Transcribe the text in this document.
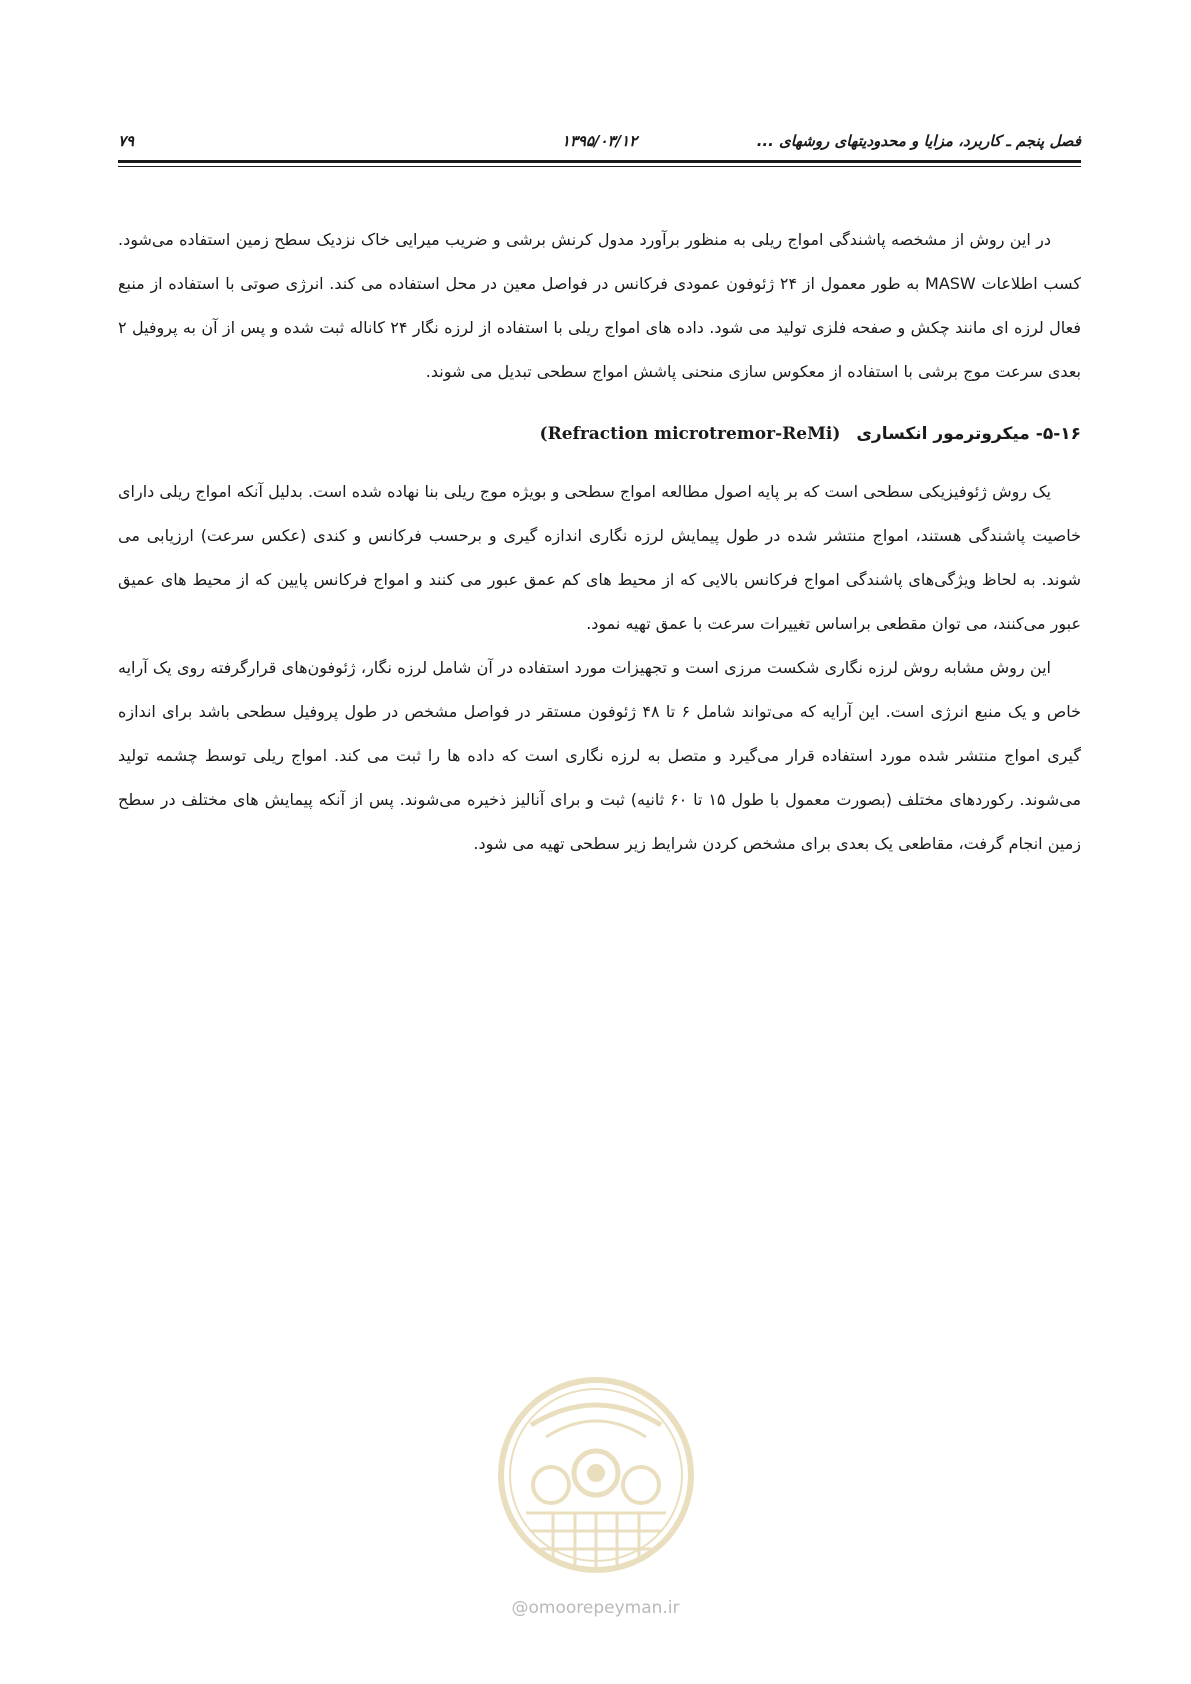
فصل پنجم ـ کاربرد، مزایا و محدودیتهای روشهای ...
۱۳۹۵/۰۳/۱۲
۷۹

در این روش از مشخصه پاشندگی امواج ریلی به منظور برآورد مدول کرنش برشی و ضریب میرایی خاک نزدیک سطح زمین استفاده می‌شود. کسب اطلاعات MASW به طور معمول از ۲۴ ژئوفون عمودی فرکانس در فواصل معین در محل استفاده می کند. انرژی صوتی با استفاده از منبع فعال لرزه ای مانند چکش و صفحه فلزی تولید می شود. داده های امواج ریلی با استفاده از لرزه نگار ۲۴ کاناله ثبت شده و پس از آن به پروفیل ۲ بعدی سرعت موج برشی با استفاده از معکوس سازی منحنی پاشش امواج سطحی تبدیل می شوند.

۵-۱۶- میکروترمور انکساری (Refraction microtremor-ReMi)

یک روش ژئوفیزیکی سطحی است که بر پایه اصول مطالعه امواج سطحی و بویژه موج ریلی بنا نهاده شده است. بدلیل آنکه امواج ریلی دارای خاصیت پاشندگی هستند، امواج منتشر شده در طول پیمایش لرزه نگاری اندازه گیری و برحسب فرکانس و کندی (عکس سرعت) ارزیابی می شوند. به لحاظ ویژگی‌های پاشندگی امواج فرکانس بالایی که از محیط های کم عمق عبور می کنند و امواج فرکانس پایین که از محیط های عمیق عبور می‌کنند، می توان مقطعی براساس تغییرات سرعت با عمق تهیه نمود.

این روش مشابه روش لرزه نگاری شکست مرزی است و تجهیزات مورد استفاده در آن شامل لرزه نگار، ژئوفون‌های قرارگرفته روی یک آرایه خاص و یک منبع انرژی است. این آرایه که می‌تواند شامل ۶ تا ۴۸ ژئوفون مستقر در فواصل مشخص در طول پروفیل سطحی باشد برای اندازه گیری امواج منتشر شده مورد استفاده قرار می‌گیرد و متصل به لرزه نگاری است که داده ها را ثبت می کند. امواج ریلی توسط چشمه تولید می‌شوند. رکوردهای مختلف (بصورت معمول با طول ۱۵ تا ۶۰ ثانیه) ثبت و برای آنالیز ذخیره می‌شوند. پس از آنکه پیمایش های مختلف در سطح زمین انجام گرفت، مقاطعی یک بعدی برای مشخص کردن شرایط زیر سطحی تهیه می شود.

@omoorepeyman.ir
